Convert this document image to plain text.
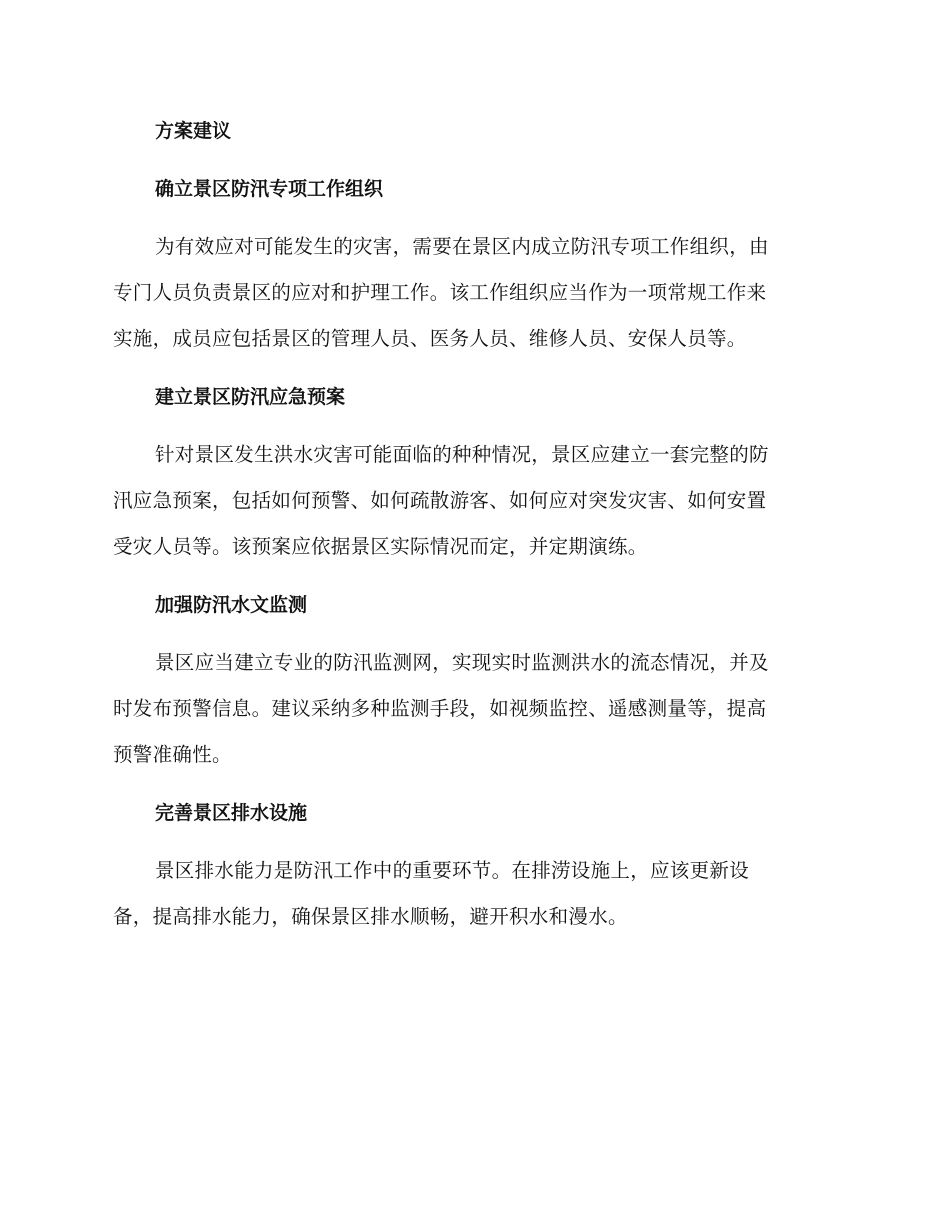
方案建议
确立景区防汛专项工作组织
为有效应对可能发生的灾害，需要在景区内成立防汛专项工作组织，由
专门人员负责景区的应对和护理工作。该工作组织应当作为一项常规工作来
实施，成员应包括景区的管理人员、医务人员、维修人员、安保人员等。
建立景区防汛应急预案
针对景区发生洪水灾害可能面临的种种情况，景区应建立一套完整的防
汛应急预案，包括如何预警、如何疏散游客、如何应对突发灾害、如何安置
受灾人员等。该预案应依据景区实际情况而定，并定期演练。
加强防汛水文监测
景区应当建立专业的防汛监测网，实现实时监测洪水的流态情况，并及
时发布预警信息。建议采纳多种监测手段，如视频监控、遥感测量等，提高
预警准确性。
完善景区排水设施
景区排水能力是防汛工作中的重要环节。在排涝设施上，应该更新设
备，提高排水能力，确保景区排水顺畅，避开积水和漫水。
